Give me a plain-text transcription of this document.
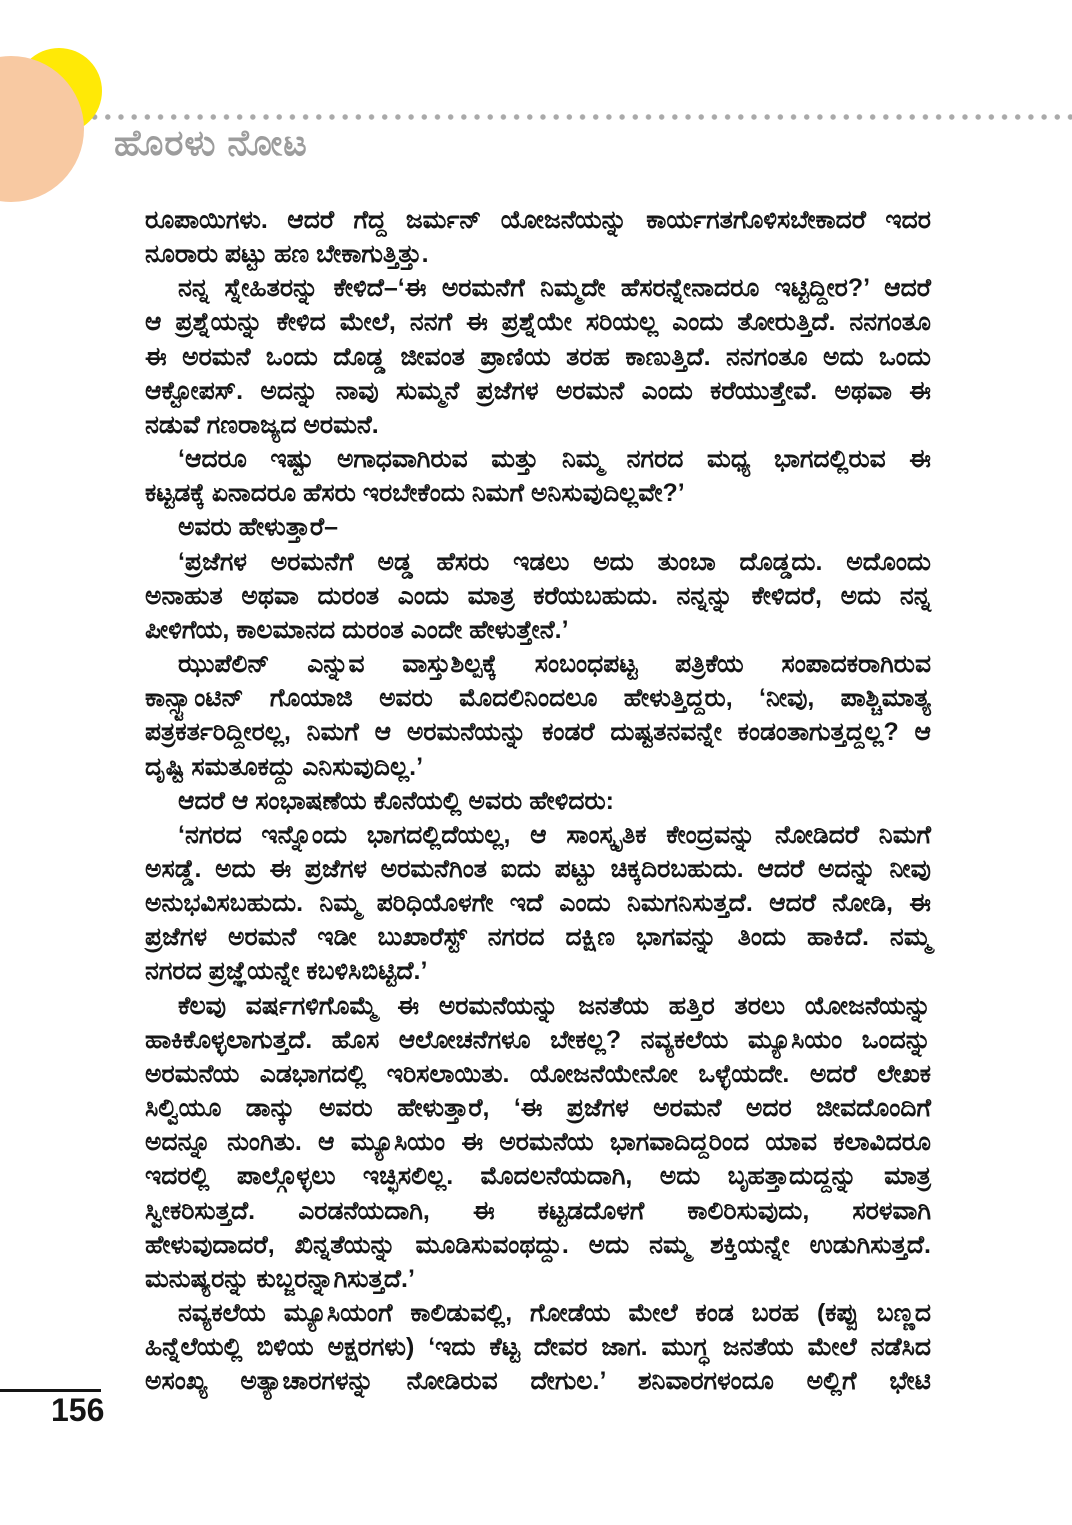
ಹೊರಳು ನೋಟ
ರೂಪಾಯಿಗಳು. ಆದರೆ ಗೆದ್ದ ಜರ್ಮನ್ ಯೋಜನೆಯನ್ನು ಕಾರ್ಯಗತಗೊಳಿಸಬೇಕಾದರೆ ಇದರ
ನೂರಾರು ಪಟ್ಟು ಹಣ ಬೇಕಾಗುತ್ತಿತ್ತು.
ನನ್ನ ಸ್ನೇಹಿತರನ್ನು ಕೇಳಿದೆ–‘ಈ ಅರಮನೆಗೆ ನಿಮ್ಮದೇ ಹೆಸರನ್ನೇನಾದರೂ ಇಟ್ಟಿದ್ದೀರ?’ ಆದರೆ
ಆ ಪ್ರಶ್ನೆಯನ್ನು ಕೇಳಿದ ಮೇಲೆ, ನನಗೆ ಈ ಪ್ರಶ್ನೆಯೇ ಸರಿಯಲ್ಲ ಎಂದು ತೋರುತ್ತಿದೆ. ನನಗಂತೂ
ಈ ಅರಮನೆ ಒಂದು ದೊಡ್ಡ ಜೀವಂತ ಪ್ರಾಣಿಯ ತರಹ ಕಾಣುತ್ತಿದೆ. ನನಗಂತೂ ಅದು ಒಂದು
ಆಕ್ಟೋಪಸ್. ಅದನ್ನು ನಾವು ಸುಮ್ಮನೆ ಪ್ರಜೆಗಳ ಅರಮನೆ ಎಂದು ಕರೆಯುತ್ತೇವೆ. ಅಥವಾ ಈ
ನಡುವೆ ಗಣರಾಜ್ಯದ ಅರಮನೆ.
‘ಆದರೂ ಇಷ್ಟು ಅಗಾಧವಾಗಿರುವ ಮತ್ತು ನಿಮ್ಮ ನಗರದ ಮಧ್ಯ ಭಾಗದಲ್ಲಿರುವ ಈ
ಕಟ್ಟಡಕ್ಕೆ ಏನಾದರೂ ಹೆಸರು ಇರಬೇಕೆಂದು ನಿಮಗೆ ಅನಿಸುವುದಿಲ್ಲವೇ?’
ಅವರು ಹೇಳುತ್ತಾರೆ–
‘ಪ್ರಜೆಗಳ ಅರಮನೆಗೆ ಅಡ್ಡ ಹೆಸರು ಇಡಲು ಅದು ತುಂಬಾ ದೊಡ್ಡದು. ಅದೊಂದು
ಅನಾಹುತ ಅಥವಾ ದುರಂತ ಎಂದು ಮಾತ್ರ ಕರೆಯಬಹುದು. ನನ್ನನ್ನು ಕೇಳಿದರೆ, ಅದು ನನ್ನ
ಪೀಳಿಗೆಯ, ಕಾಲಮಾನದ ದುರಂತ ಎಂದೇ ಹೇಳುತ್ತೇನೆ.’
ಝುಪೆಲಿನ್ ಎನ್ನುವ ವಾಸ್ತುಶಿಲ್ಪಕ್ಕೆ ಸಂಬಂಧಪಟ್ಟ ಪತ್ರಿಕೆಯ ಸಂಪಾದಕರಾಗಿರುವ
ಕಾನ್ಸ್ಟಾಂಟಿನ್ ಗೊಯಾಜಿ ಅವರು ಮೊದಲಿನಿಂದಲೂ ಹೇಳುತ್ತಿದ್ದರು, ‘ನೀವು, ಪಾಶ್ಚಿಮಾತ್ಯ
ಪತ್ರಕರ್ತರಿದ್ದೀರಲ್ಲ, ನಿಮಗೆ ಆ ಅರಮನೆಯನ್ನು ಕಂಡರೆ ದುಷ್ಟತನವನ್ನೇ ಕಂಡಂತಾಗುತ್ತದ್ದಲ್ಲ? ಆ
ದೃಷ್ಟಿ ಸಮತೂಕದ್ದು ಎನಿಸುವುದಿಲ್ಲ.’
ಆದರೆ ಆ ಸಂಭಾಷಣೆಯ ಕೊನೆಯಲ್ಲಿ ಅವರು ಹೇಳಿದರು:
‘ನಗರದ ಇನ್ನೊಂದು ಭಾಗದಲ್ಲಿದೆಯಲ್ಲ, ಆ ಸಾಂಸ್ಕೃತಿಕ ಕೇಂದ್ರವನ್ನು ನೋಡಿದರೆ ನಿಮಗೆ
ಅಸಡ್ಡೆ. ಅದು ಈ ಪ್ರಜೆಗಳ ಅರಮನೆಗಿಂತ ಐದು ಪಟ್ಟು ಚಿಕ್ಕದಿರಬಹುದು. ಆದರೆ ಅದನ್ನು ನೀವು
ಅನುಭವಿಸಬಹುದು. ನಿಮ್ಮ ಪರಿಧಿಯೊಳಗೇ ಇದೆ ಎಂದು ನಿಮಗನಿಸುತ್ತದೆ. ಆದರೆ ನೋಡಿ, ಈ
ಪ್ರಜೆಗಳ ಅರಮನೆ ಇಡೀ ಬುಖಾರೆಸ್ಟ್ ನಗರದ ದಕ್ಷಿಣ ಭಾಗವನ್ನು ತಿಂದು ಹಾಕಿದೆ. ನಮ್ಮ
ನಗರದ ಪ್ರಜ್ಞೆಯನ್ನೇ ಕಬಳಿಸಿಬಿಟ್ಟಿದೆ.’
ಕೆಲವು ವರ್ಷಗಳಿಗೊಮ್ಮೆ ಈ ಅರಮನೆಯನ್ನು ಜನತೆಯ ಹತ್ತಿರ ತರಲು ಯೋಜನೆಯನ್ನು
ಹಾಕಿಕೊಳ್ಳಲಾಗುತ್ತದೆ. ಹೊಸ ಆಲೋಚನೆಗಳೂ ಬೇಕಲ್ಲ? ನವ್ಯಕಲೆಯ ಮ್ಯೂಸಿಯಂ ಒಂದನ್ನು
ಅರಮನೆಯ ಎಡಭಾಗದಲ್ಲಿ ಇರಿಸಲಾಯಿತು. ಯೋಜನೆಯೇನೋ ಒಳ್ಳೆಯದೇ. ಅದರೆ ಲೇಖಕ
ಸಿಲ್ವಿಯೂ ಡಾನ್ಕು ಅವರು ಹೇಳುತ್ತಾರೆ, ‘ಈ ಪ್ರಜೆಗಳ ಅರಮನೆ ಅದರ ಜೀವದೊಂದಿಗೆ
ಅದನ್ನೂ ನುಂಗಿತು. ಆ ಮ್ಯೂಸಿಯಂ ಈ ಅರಮನೆಯ ಭಾಗವಾದಿದ್ದರಿಂದ ಯಾವ ಕಲಾವಿದರೂ
ಇದರಲ್ಲಿ ಪಾಲ್ಗೊಳ್ಳಲು ಇಚ್ಛಿಸಲಿಲ್ಲ. ಮೊದಲನೆಯದಾಗಿ, ಅದು ಬೃಹತ್ತಾದುದ್ದನ್ನು ಮಾತ್ರ
ಸ್ವೀಕರಿಸುತ್ತದೆ. ಎರಡನೆಯದಾಗಿ, ಈ ಕಟ್ಟಡದೊಳಗೆ ಕಾಲಿರಿಸುವುದು, ಸರಳವಾಗಿ
ಹೇಳುವುದಾದರೆ, ಖಿನ್ನತೆಯನ್ನು ಮೂಡಿಸುವಂಥದ್ದು. ಅದು ನಮ್ಮ ಶಕ್ತಿಯನ್ನೇ ಉಡುಗಿಸುತ್ತದೆ.
ಮನುಷ್ಯರನ್ನು ಕುಬ್ಜರನ್ನಾಗಿಸುತ್ತದೆ.’
ನವ್ಯಕಲೆಯ ಮ್ಯೂಸಿಯಂಗೆ ಕಾಲಿಡುವಲ್ಲಿ, ಗೋಡೆಯ ಮೇಲೆ ಕಂಡ ಬರಹ (ಕಪ್ಪು ಬಣ್ಣದ
ಹಿನ್ನೆಲೆಯಲ್ಲಿ ಬಿಳಿಯ ಅಕ್ಷರಗಳು) ‘ಇದು ಕೆಟ್ಟ ದೇವರ ಜಾಗ. ಮುಗ್ಧ ಜನತೆಯ ಮೇಲೆ ನಡೆಸಿದ
ಅಸಂಖ್ಯ ಅತ್ಯಾಚಾರಗಳನ್ನು ನೋಡಿರುವ ದೇಗುಲ.’ ಶನಿವಾರಗಳಂದೂ ಅಲ್ಲಿಗೆ ಭೇಟಿ
156
